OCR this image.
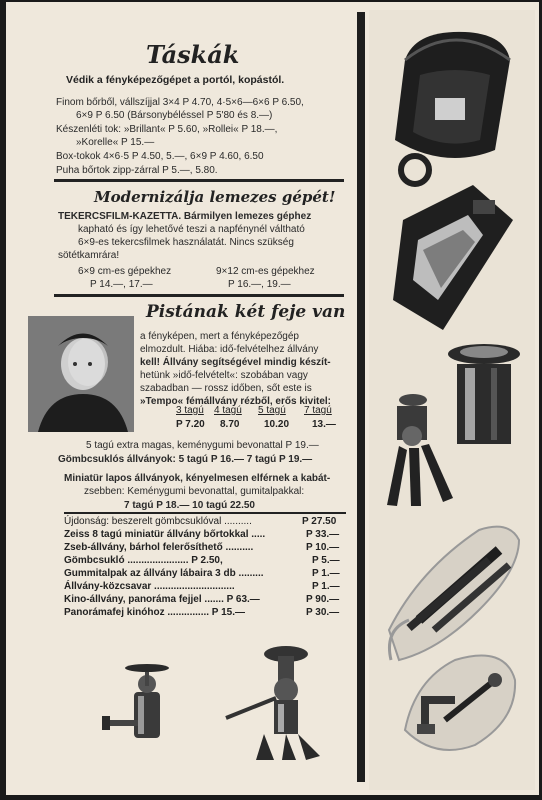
Táskák
Védik a fényképezőgépet a portól, kopástól.
Finom bőrből, vállszíjjal 3×4 P 4.70, 4·5×6—6×6 P 6.50,
6×9 P 6.50 (Bársonybéléssel P 5'80 és 8.—)
Készenléti tok: »Brillant« P 5.60, »Rollei« P 18.—,
»Korelle« P 15.—
Box-tokok 4×6·5 P 4.50, 5.—, 6×9 P 4.60, 6.50
Puha bőrtok zipp-zárral P 5.—, 5.80.
Modernizálja lemezes gépét!
TEKERCSFILM-KAZETTA. Bármilyen lemezes géphez
kapható és így lehetővé teszi a napfénynél váltható
6×9-es tekercsfilmek használatát. Nincs szükség
sötétkamrára!
6×9 cm-es gépekhez
P 14.—, 17.—
9×12 cm-es gépekhez
P 16.—, 19.—
Pistának két feje van
a fényképen, mert a fényképezőgép
elmozdult. Hiába: idő-felvételhez állvány
kell! Állvány segítségével mindig készít-
hetünk »idő-felvételt«: szobában vagy
szabadban — rossz időben, sőt este is
»Tempo« fémállvány rézből, erős kivitel:
3 tagú 4 tagú 5 tagú 7 tagú
P 7.20 8.70 10.20 13.—
5 tagú extra magas, keménygumi bevonattal P 19.—
Gömbcsuklós állványok: 5 tagú P 16.— 7 tagú P 19.—
Miniatür lapos állványok, kényelmesen elférnek a kabát-
zsebben: Keménygumi bevonattal, gumitalpakkal:
7 tagú P 18.— 10 tagú 22.50
Újdonság: beszerelt gömbcsuklóval ..........	P 27.50
Zeiss 8 tagú miniatür állvány bőrtokkal .....	P 33.—
Zseb-állvány, bárhol felerősíthető ..........	P 10.—
Gömbcsukló ...................... P 2.50,	P 5.—
Gummitalpak az állvány lábaira 3 db .........	P 1.—
Állvány-közcsavar .............................	P 1.—
Kino-állvány, panoráma fejjel ....... P 63.—	P 90.—
Panorámafej kinóhoz ............... P 15.—	P 30.—
